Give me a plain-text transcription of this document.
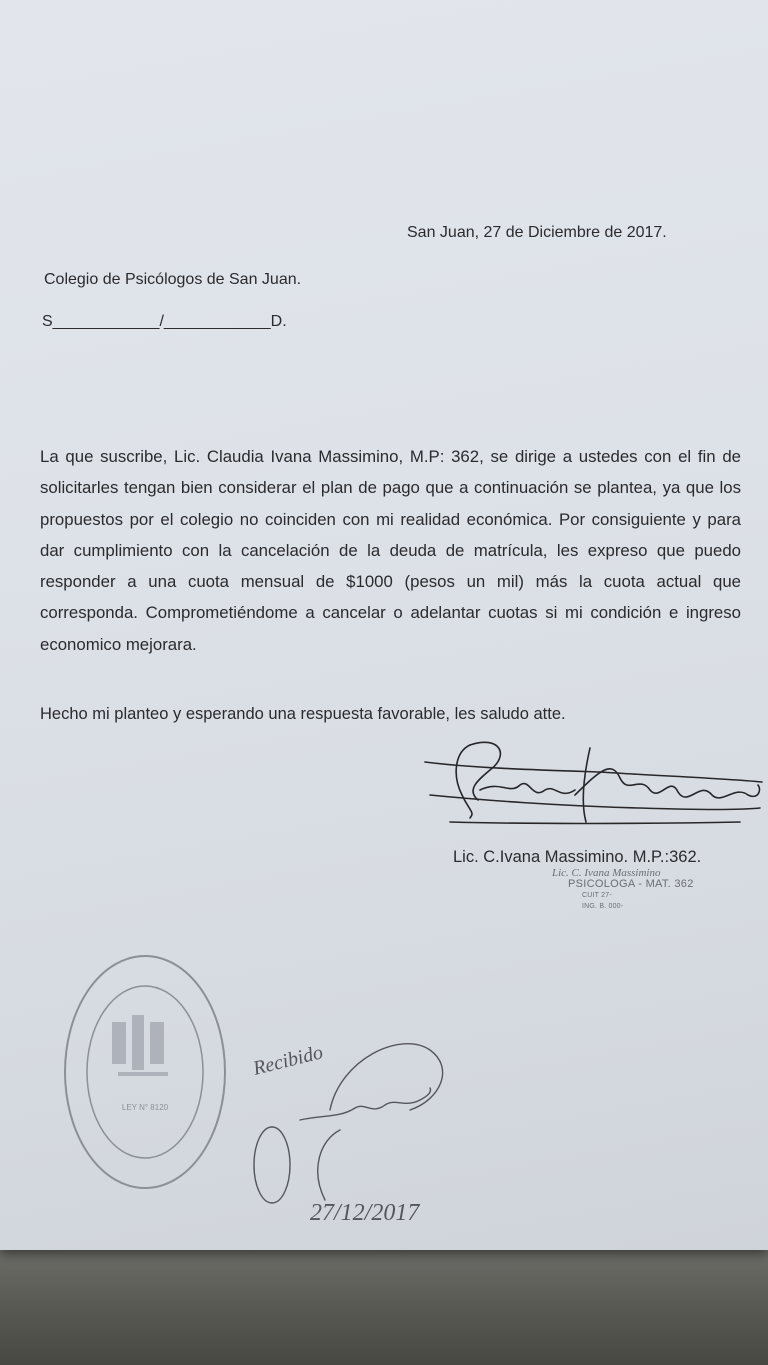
San Juan, 27 de Diciembre de 2017.
Colegio de Psicólogos de San Juan.
S____________/____________D.
La que suscribe, Lic. Claudia Ivana Massimino, M.P: 362, se dirige a ustedes con el fin de solicitarles tengan bien considerar el plan de pago que a continuación se plantea, ya que los propuestos por el colegio no coinciden con mi realidad económica. Por consiguiente y para dar cumplimiento con la cancelación de la deuda de matrícula, les expreso que puedo responder a una cuota mensual de $1000 (pesos un mil) más la cuota actual que corresponda. Comprometiéndome a cancelar o adelantar cuotas si mi condición e ingreso economico mejorara.
Hecho mi planteo y esperando una respuesta favorable, les saludo atte.
Lic. C.Ivana Massimino. M.P.:362.
Lic. C. Ivana Massimino
PSICOLOGA - MAT. 362
CUIT 27-
ING. B. 000-
LEY N° 8120
Recibido
27/12/2017
